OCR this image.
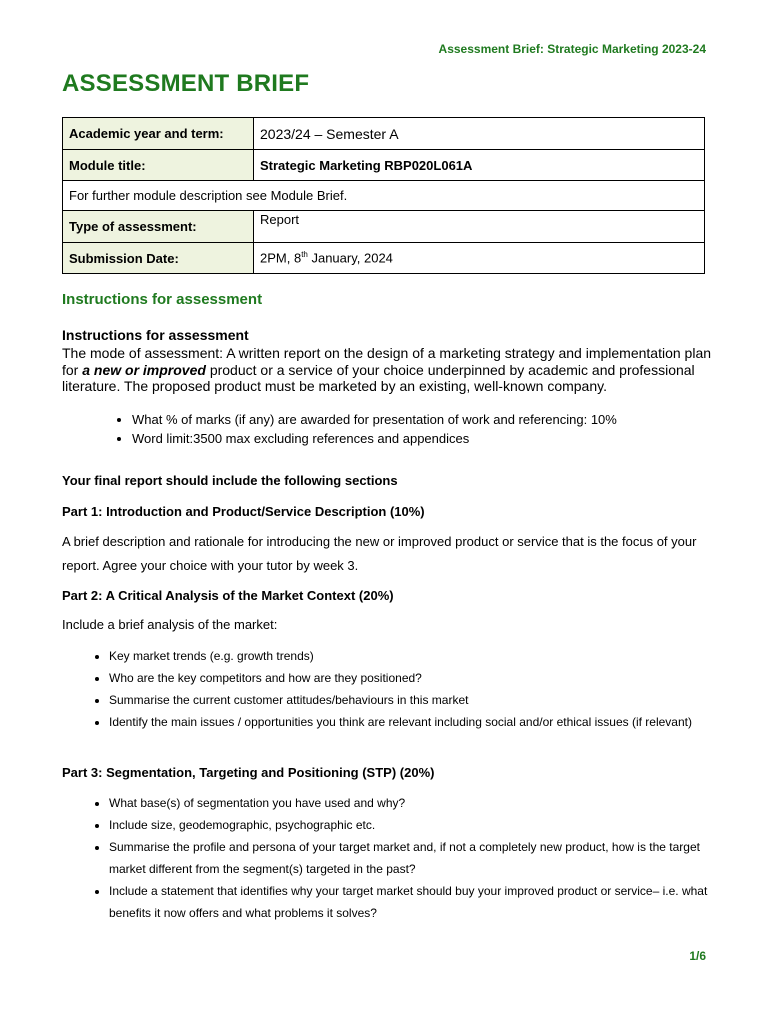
Assessment Brief: Strategic Marketing 2023-24
ASSESSMENT BRIEF
Academic year and term:	2023/24 – Semester A
Module title:	Strategic Marketing RBP020L061A
For further module description see Module Brief.	
Type of assessment:	Report
Submission Date:	2PM, 8th January, 2024
Instructions for assessment
Instructions for assessment

The mode of assessment: A written report on the design of a marketing strategy and implementation plan for a new or improved product or a service of your choice underpinned by academic and professional literature. The proposed product must be marketed by an existing, well-known company.

• What % of marks (if any) are awarded for presentation of work and referencing: 10%
• Word limit:3500 max excluding references and appendices

Your final report should include the following sections

Part 1: Introduction and Product/Service Description (10%)

A brief description and rationale for introducing the new or improved product or service that is the focus of your report. Agree your choice with your tutor by week 3.

Part 2: A Critical Analysis of the Market Context (20%)

Include a brief analysis of the market:

• Key market trends (e.g. growth trends)
• Who are the key competitors and how are they positioned?
• Summarise the current customer attitudes/behaviours in this market
• Identify the main issues / opportunities you think are relevant including social and/or ethical issues (if relevant)

Part 3: Segmentation, Targeting and Positioning (STP) (20%)

• What base(s) of segmentation you have used and why?
• Include size, geodemographic, psychographic etc.
• Summarise the profile and persona of your target market and, if not a completely new product, how is the target market different from the segment(s) targeted in the past?
• Include a statement that identifies why your target market should buy your improved product or service– i.e. what benefits it now offers and what problems it solves?
1/6
